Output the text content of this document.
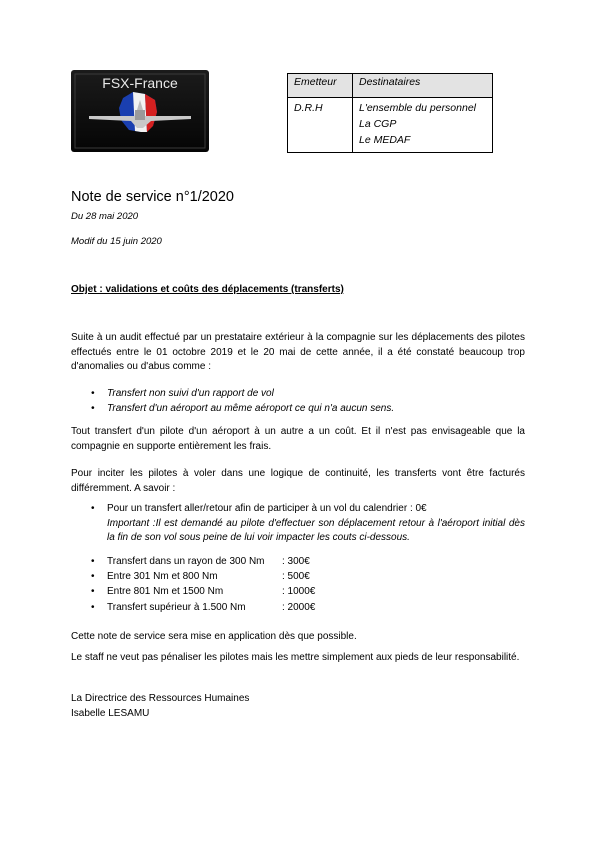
FSX-France	Emetteur	Destinataires
D.R.H	L'ensemble du personnel
La CGP
Le MEDAF
Note de service n°1/2020
Du 28 mai 2020
Modif du 15 juin 2020
Objet : validations et coûts des déplacements (transferts)

Suite à un audit effectué par un prestataire extérieur à la compagnie sur les déplacements des pilotes effectués entre le 01 octobre 2019 et le 20 mai de cette année, il a été constaté beaucoup trop d'anomalies ou d'abus comme :

• Transfert non suivi d'un rapport de vol
• Transfert d'un aéroport au même aéroport ce qui n'a aucun sens.

Tout transfert d'un pilote d'un aéroport à un autre a un coût. Et il n'est pas envisageable que la compagnie en supporte entièrement les frais.

Pour inciter les pilotes à voler dans une logique de continuité, les transferts vont être facturés différemment. A savoir :

• Pour un transfert aller/retour afin de participer à un vol du calendrier : 0€
Important :Il est demandé au pilote d'effectuer son déplacement retour à l'aéroport initial dès la fin de son vol sous peine de lui voir impacter les couts ci-dessous.
• Transfert dans un rayon de 300 Nm : 300€
• Entre 301 Nm et 800 Nm	: 500€
• Entre 801 Nm et 1500 Nm	: 1000€
• Transfert supérieur à 1.500 Nm	: 2000€

Cette note de service sera mise en application dès que possible.

Le staff ne veut pas pénaliser les pilotes mais les mettre simplement aux pieds de leur responsabilité.

La Directrice des Ressources Humaines
Isabelle LESAMU
